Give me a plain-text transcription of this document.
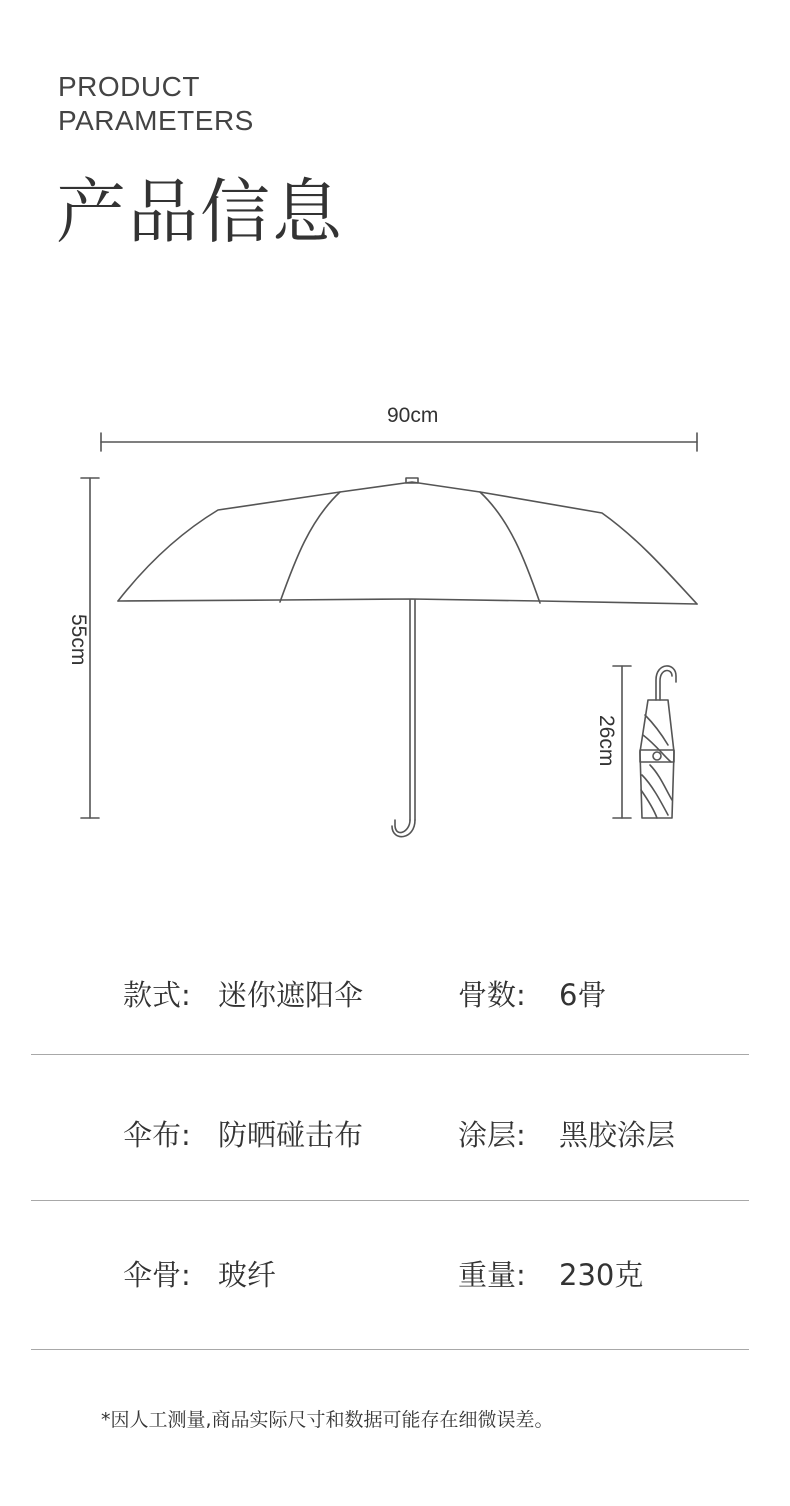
PRODUCT
PARAMETERS
产品信息
90cm
55cm
26cm
款式: 迷你遮阳伞	骨数: 6骨
伞布: 防晒碰击布	涂层: 黑胶涂层
伞骨: 玻纤	重量: 230克
*因人工测量,商品实际尺寸和数据可能存在细微误差。
